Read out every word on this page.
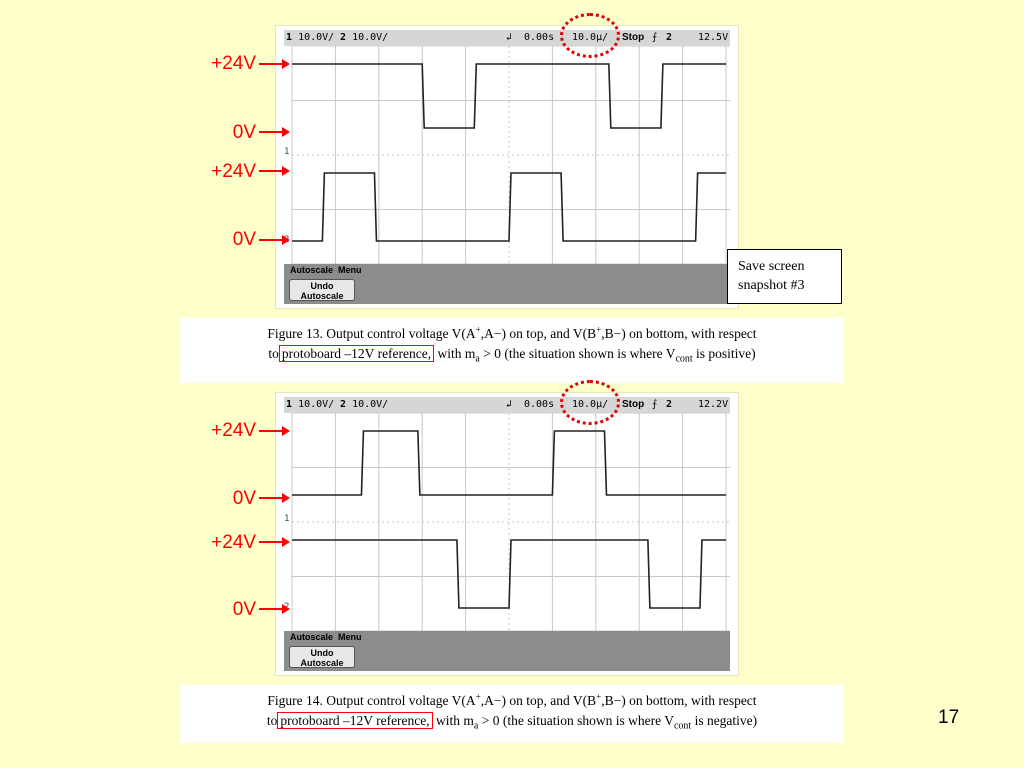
1 10.0V/ 2 10.0V/	↲ 0.00s 10.0µ/ Stop ⨍ 2	12.5V
1
Autoscale Menu
Undo
Autoscale
+24V
0V
+24V
0V
Save screen
snapshot #3
Figure 13. Output control voltage V(A+,A−) on top, and V(B+,B−) on bottom, with respect
to protoboard –12V reference, with $m_a > 0$ (the situation shown is where $V_{cont}$ is positive)
1 10.0V/ 2 10.0V/	↲ 0.00s 10.0µ/ Stop ⨍ 2	12.2V
1
Autoscale Menu
Undo
Autoscale
+24V
0V
+24V
0V
Figure 14. Output control voltage V(A+,A−) on top, and V(B+,B−) on bottom, with respect
to protoboard –12V reference, with $m_a > 0$ (the situation shown is where $V_{cont}$ is negative)	17
